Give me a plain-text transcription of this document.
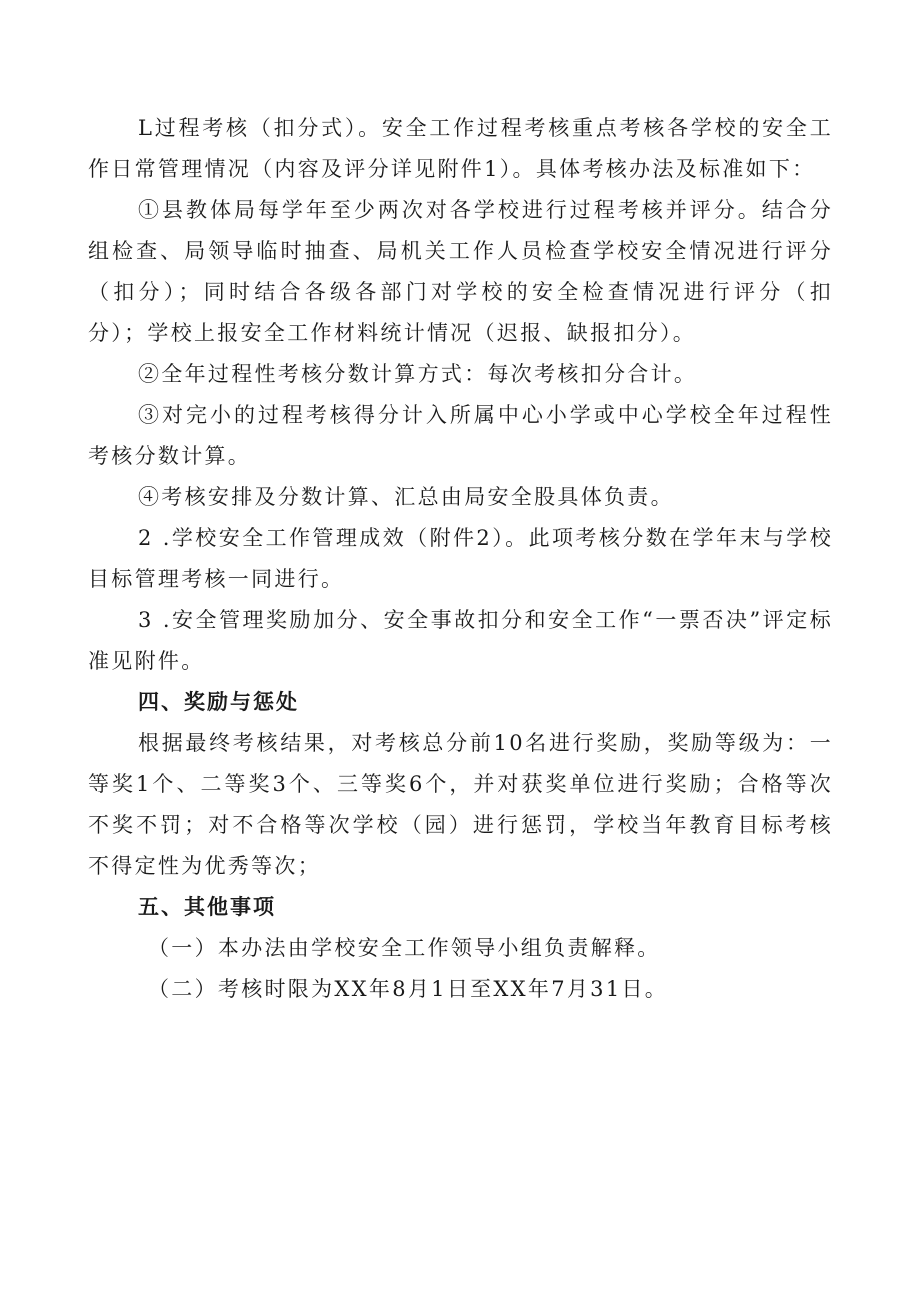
L过程考核（扣分式）。安全工作过程考核重点考核各学校的安全工作日常管理情况（内容及评分详见附件1）。具体考核办法及标准如下：

①县教体局每学年至少两次对各学校进行过程考核并评分。结合分组检查、局领导临时抽查、局机关工作人员检查学校安全情况进行评分（扣分）；同时结合各级各部门对学校的安全检查情况进行评分（扣分）；学校上报安全工作材料统计情况（迟报、缺报扣分）。

②全年过程性考核分数计算方式：每次考核扣分合计。

③对完小的过程考核得分计入所属中心小学或中心学校全年过程性考核分数计算。

④考核安排及分数计算、汇总由局安全股具体负责。

2 .学校安全工作管理成效（附件2）。此项考核分数在学年末与学校目标管理考核一同进行。

3 .安全管理奖励加分、安全事故扣分和安全工作“一票否决”评定标准见附件。

四、奖励与惩处

根据最终考核结果，对考核总分前10名进行奖励，奖励等级为：一等奖1个、二等奖3个、三等奖6个，并对获奖单位进行奖励；合格等次不奖不罚；对不合格等次学校（园）进行惩罚，学校当年教育目标考核不得定性为优秀等次；

五、其他事项

（一）本办法由学校安全工作领导小组负责解释。

（二）考核时限为XX年8月1日至XX年7月31日。
